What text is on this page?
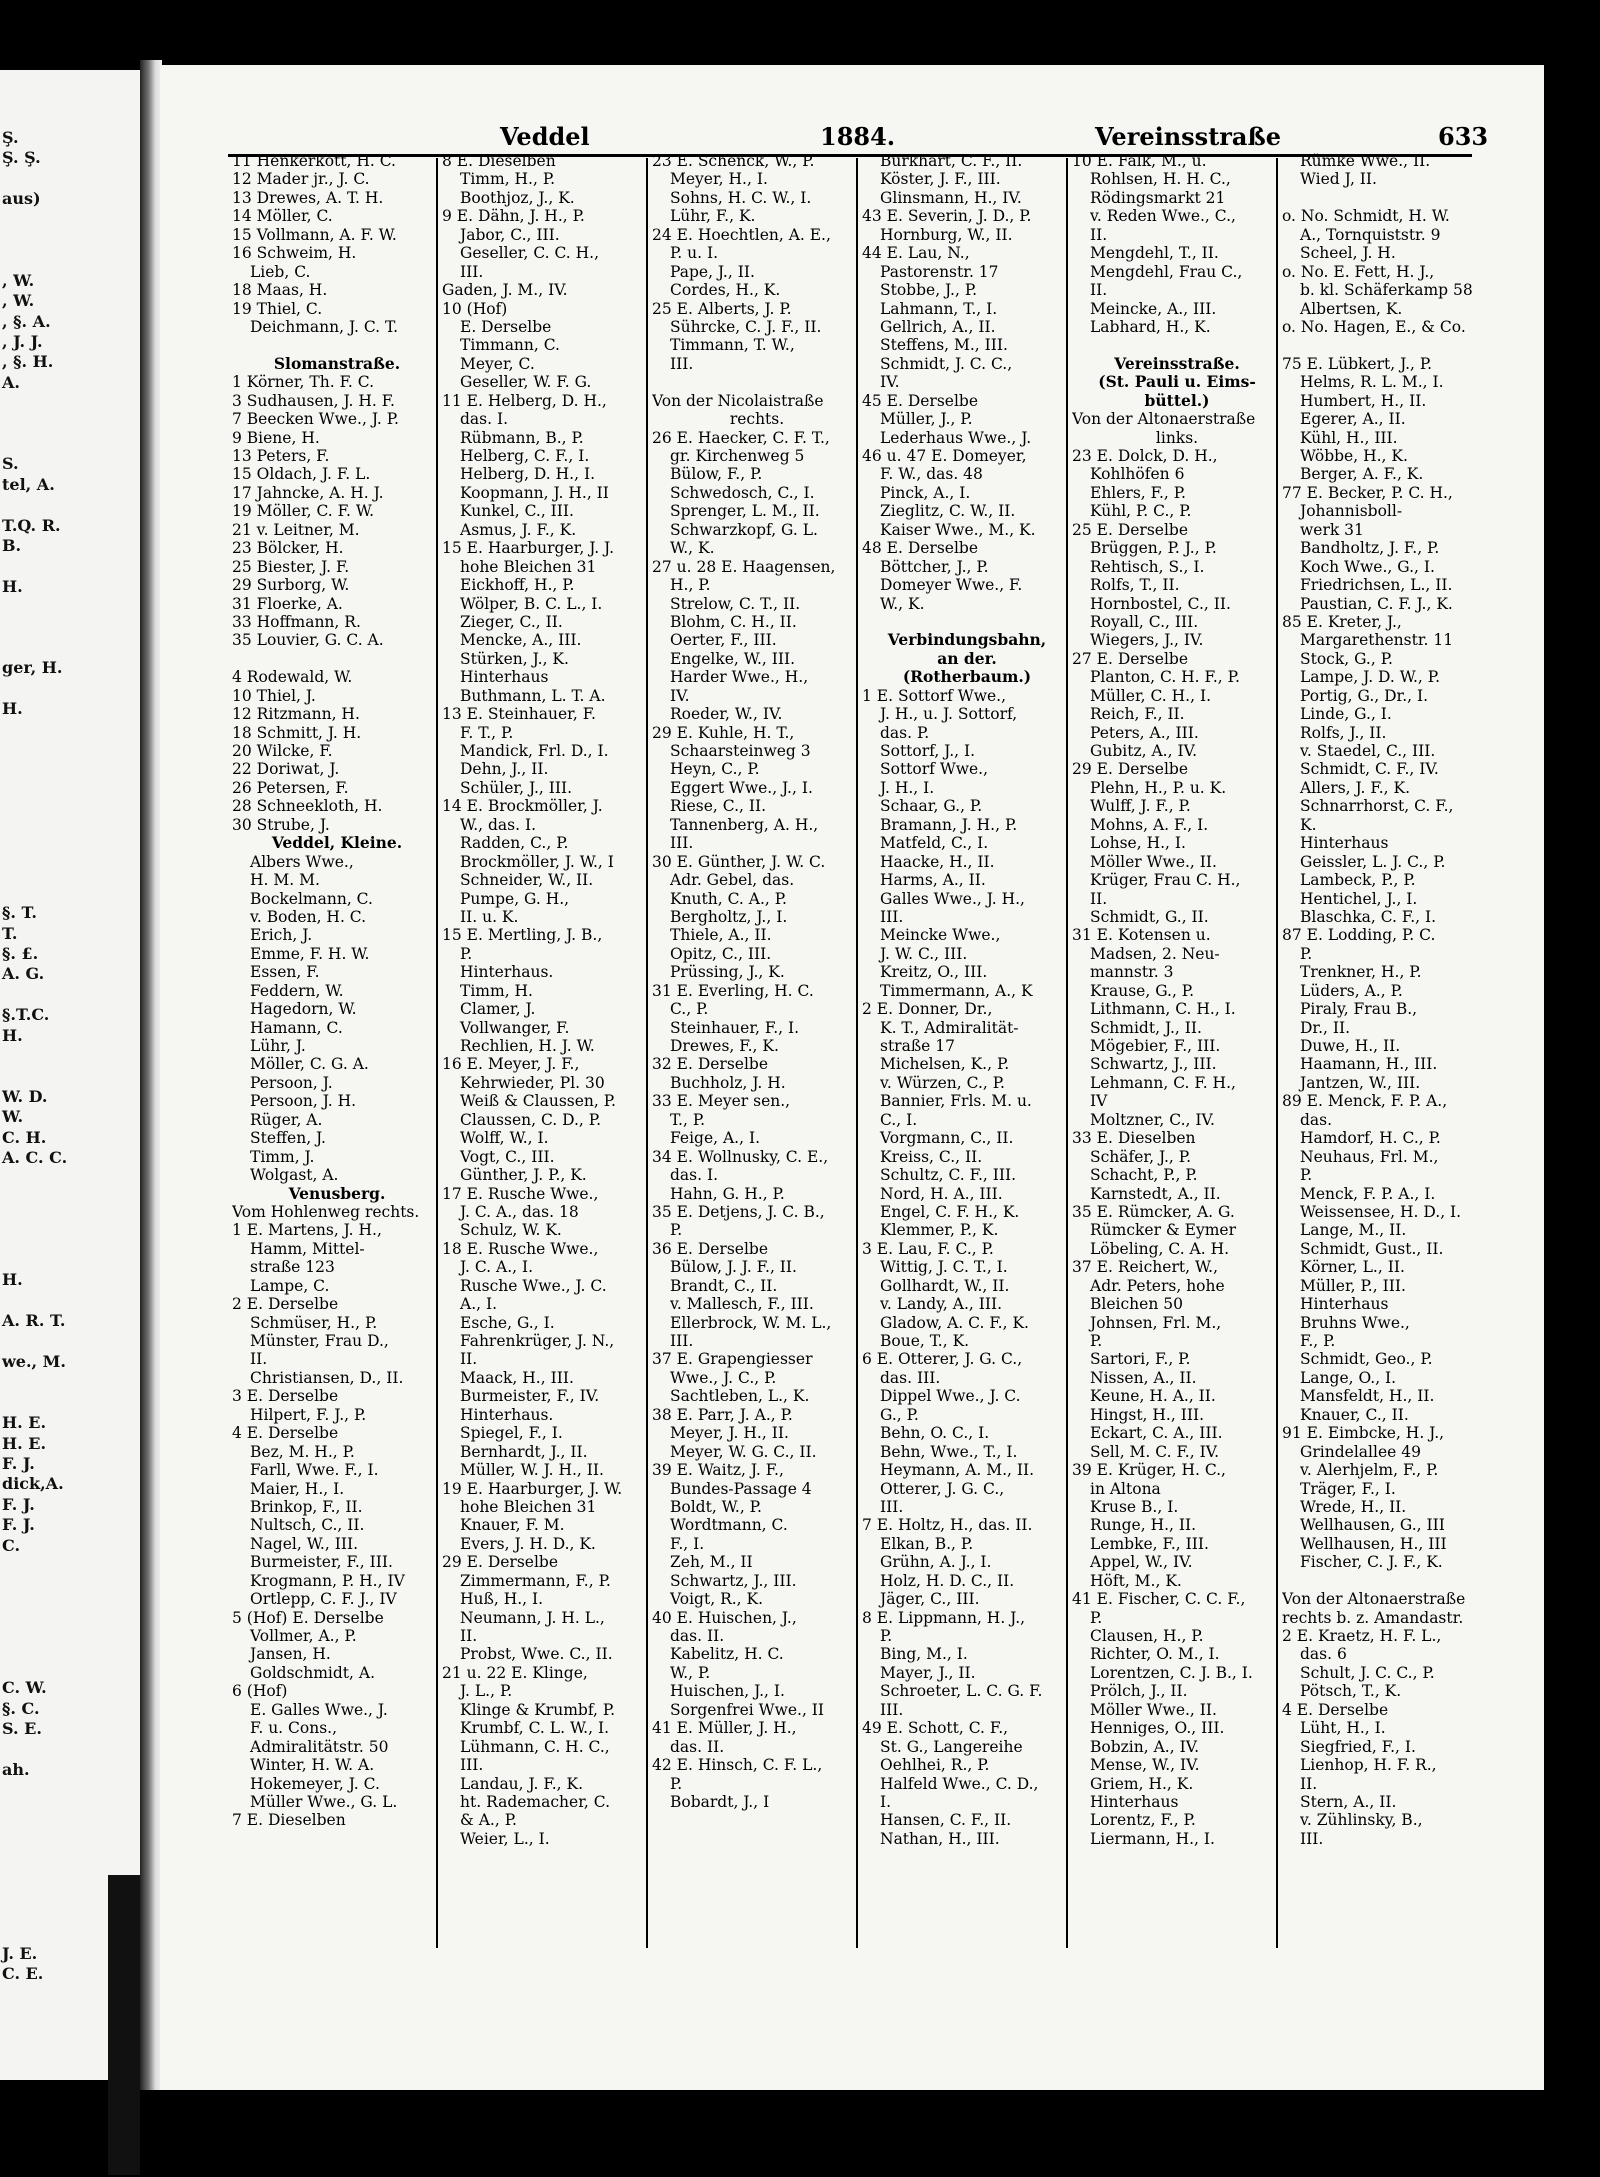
Ş.
Ş. Ş.
aus)
, W.
, W.
, §. A.
, J. J.
, §. H.
A.
S.
tel, A.
T.Q. R.
B.
H.
ger, H.
H.
§. T.
T.
§. £.
A. G.
§.T.C.
H.
W. D.
W.
C. H.
A. C. C.
H.
A. R. T.
we., M.
H. E.
H. E.
F. J.
dick,A.
F. J.
F. J.
C.
C. W.
§. C.
S. E.
ah.
J. E.
C. E.
Veddel	1884.	Vereinsstraße	633
11 Henkerkott, H. C.
12 Mader jr., J. C.
13 Drewes, A. T. H.
14 Möller, C.
15 Vollmann, A. F. W.
16 Schweim, H.
Lieb, C.
18 Maas, H.
19 Thiel, C.
Deichmann, J. C. T.
Slomanstraße.
1 Körner, Th. F. C.
3 Sudhausen, J. H. F.
7 Beecken Wwe., J. P.
9 Biene, H.
13 Peters, F.
15 Oldach, J. F. L.
17 Jahncke, A. H. J.
19 Möller, C. F. W.
21 v. Leitner, M.
23 Bölcker, H.
25 Biester, J. F.
29 Surborg, W.
31 Floerke, A.
33 Hoffmann, R.
35 Louvier, G. C. A.
4 Rodewald, W.
10 Thiel, J.
12 Ritzmann, H.
18 Schmitt, J. H.
20 Wilcke, F.
22 Doriwat, J.
26 Petersen, F.
28 Schneekloth, H.
30 Strube, J.
Veddel, Kleine.
Albers Wwe.,
H. M. M.
Bockelmann, C.
v. Boden, H. C.
Erich, J.
Emme, F. H. W.
Essen, F.
Feddern, W.
Hagedorn, W.
Hamann, C.
Lühr, J.
Möller, C. G. A.
Persoon, J.
Persoon, J. H.
Rüger, A.
Steffen, J.
Timm, J.
Wolgast, A.
Venusberg.
Vom Hohlenweg rechts.
1 E. Martens, J. H.,
Hamm, Mittel-
straße 123
Lampe, C.
2 E. Derselbe
Schmüser, H., P.
Münster, Frau D.,
II.
Christiansen, D., II.
3 E. Derselbe
Hilpert, F. J., P.
4 E. Derselbe
Bez, M. H., P.
Farll, Wwe. F., I.
Maier, H., I.
Brinkop, F., II.
Nultsch, C., II.
Nagel, W., III.
Burmeister, F., III.
Krogmann, P. H., IV
Ortlepp, C. F. J., IV
5 (Hof) E. Derselbe
Vollmer, A., P.
Jansen, H.
Goldschmidt, A.
6 (Hof)
E. Galles Wwe., J.
F. u. Cons.,
Admiralitätstr. 50
Winter, H. W. A.
Hokemeyer, J. C.
Müller Wwe., G. L.
7 E. Dieselben
8 E. Dieselben
Timm, H., P.
Boothjoz, J., K.
9 E. Dähn, J. H., P.
Jabor, C., III.
Geseller, C. C. H.,
III.
Gaden, J. M., IV.
10 (Hof)
E. Derselbe
Timmann, C.
Meyer, C.
Geseller, W. F. G.
11 E. Helberg, D. H.,
das. I.
Rübmann, B., P.
Helberg, C. F., I.
Helberg, D. H., I.
Koopmann, J. H., II
Kunkel, C., III.
Asmus, J. F., K.
15 E. Haarburger, J. J.
hohe Bleichen 31
Eickhoff, H., P.
Wölper, B. C. L., I.
Zieger, C., II.
Mencke, A., III.
Stürken, J., K.
Hinterhaus
Buthmann, L. T. A.
13 E. Steinhauer, F.
F. T., P.
Mandick, Frl. D., I.
Dehn, J., II.
Schüler, J., III.
14 E. Brockmöller, J.
W., das. I.
Radden, C., P.
Brockmöller, J. W., I
Schneider, W., II.
Pumpe, G. H.,
II. u. K.
15 E. Mertling, J. B.,
P.
Hinterhaus.
Timm, H.
Clamer, J.
Vollwanger, F.
Rechlien, H. J. W.
16 E. Meyer, J. F.,
Kehrwieder, Pl. 30
Weiß & Claussen, P.
Claussen, C. D., P.
Wolff, W., I.
Vogt, C., III.
Günther, J. P., K.
17 E. Rusche Wwe.,
J. C. A., das. 18
Schulz, W. K.
18 E. Rusche Wwe.,
J. C. A., I.
Rusche Wwe., J. C.
A., I.
Esche, G., I.
Fahrenkrüger, J. N.,
II.
Maack, H., III.
Burmeister, F., IV.
Hinterhaus.
Spiegel, F., I.
Bernhardt, J., II.
Müller, W. J. H., II.
19 E. Haarburger, J. W.
hohe Bleichen 31
Knauer, F. M.
Evers, J. H. D., K.
29 E. Derselbe
Zimmermann, F., P.
Huß, H., I.
Neumann, J. H. L.,
II.
Probst, Wwe. C., II.
21 u. 22 E. Klinge,
J. L., P.
Klinge & Krumbf, P.
Krumbf, C. L. W., I.
Lühmann, C. H. C.,
III.
Landau, J. F., K.
ht. Rademacher, C.
& A., P.
Weier, L., I.
23 E. Schenck, W., P.
Meyer, H., I.
Sohns, H. C. W., I.
Lühr, F., K.
24 E. Hoechtlen, A. E.,
P. u. I.
Pape, J., II.
Cordes, H., K.
25 E. Alberts, J. P.
Sührcke, C. J. F., II.
Timmann, T. W.,
III.
Von der Nicolaistraße
rechts.
26 E. Haecker, C. F. T.,
gr. Kirchenweg 5
Bülow, F., P.
Schwedosch, C., I.
Sprenger, L. M., II.
Schwarzkopf, G. L.
W., K.
27 u. 28 E. Haagensen,
H., P.
Strelow, C. T., II.
Blohm, C. H., II.
Oerter, F., III.
Engelke, W., III.
Harder Wwe., H.,
IV.
Roeder, W., IV.
29 E. Kuhle, H. T.,
Schaarsteinweg 3
Heyn, C., P.
Eggert Wwe., J., I.
Riese, C., II.
Tannenberg, A. H.,
III.
30 E. Günther, J. W. C.
Adr. Gebel, das.
Knuth, C. A., P.
Bergholtz, J., I.
Thiele, A., II.
Opitz, C., III.
Prüssing, J., K.
31 E. Everling, H. C.
C., P.
Steinhauer, F., I.
Drewes, F., K.
32 E. Derselbe
Buchholz, J. H.
33 E. Meyer sen.,
T., P.
Feige, A., I.
34 E. Wollnusky, C. E.,
das. I.
Hahn, G. H., P.
35 E. Detjens, J. C. B.,
P.
36 E. Derselbe
Bülow, J. J. F., II.
Brandt, C., II.
v. Mallesch, F., III.
Ellerbrock, W. M. L.,
III.
37 E. Grapengiesser
Wwe., J. C., P.
Sachtleben, L., K.
38 E. Parr, J. A., P.
Meyer, J. H., II.
Meyer, W. G. C., II.
39 E. Waitz, J. F.,
Bundes-Passage 4
Boldt, W., P.
Wordtmann, C.
F., I.
Zeh, M., II
Schwartz, J., III.
Voigt, R., K.
40 E. Huischen, J.,
das. II.
Kabelitz, H. C.
W., P.
Huischen, J., I.
Sorgenfrei Wwe., II
41 E. Müller, J. H.,
das. II.
42 E. Hinsch, C. F. L.,
P.
Bobardt, J., I
Burkhart, C. F., II.
Köster, J. F., III.
Glinsmann, H., IV.
43 E. Severin, J. D., P.
Hornburg, W., II.
44 E. Lau, N.,
Pastorenstr. 17
Stobbe, J., P.
Lahmann, T., I.
Gellrich, A., II.
Steffens, M., III.
Schmidt, J. C. C.,
IV.
45 E. Derselbe
Müller, J., P.
Lederhaus Wwe., J.
46 u. 47 E. Domeyer,
F. W., das. 48
Pinck, A., I.
Zieglitz, C. W., II.
Kaiser Wwe., M., K.
48 E. Derselbe
Böttcher, J., P.
Domeyer Wwe., F.
W., K.
Verbindungsbahn,
an der.
(Rotherbaum.)
1 E. Sottorf Wwe.,
J. H., u. J. Sottorf,
das. P.
Sottorf, J., I.
Sottorf Wwe.,
J. H., I.
Schaar, G., P.
Bramann, J. H., P.
Matfeld, C., I.
Haacke, H., II.
Harms, A., II.
Galles Wwe., J. H.,
III.
Meincke Wwe.,
J. W. C., III.
Kreitz, O., III.
Timmermann, A., K
2 E. Donner, Dr.,
K. T., Admiralität-
straße 17
Michelsen, K., P.
v. Würzen, C., P.
Bannier, Frls. M. u.
C., I.
Vorgmann, C., II.
Kreiss, C., II.
Schultz, C. F., III.
Nord, H. A., III.
Engel, C. F. H., K.
Klemmer, P., K.
3 E. Lau, F. C., P.
Wittig, J. C. T., I.
Gollhardt, W., II.
v. Landy, A., III.
Gladow, A. C. F., K.
Boue, T., K.
6 E. Otterer, J. G. C.,
das. III.
Dippel Wwe., J. C.
G., P.
Behn, O. C., I.
Behn, Wwe., T., I.
Heymann, A. M., II.
Otterer, J. G. C.,
III.
7 E. Holtz, H., das. II.
Elkan, B., P.
Grühn, A. J., I.
Holz, H. D. C., II.
Jäger, C., III.
8 E. Lippmann, H. J.,
P.
Bing, M., I.
Mayer, J., II.
Schroeter, L. C. G. F.
III.
49 E. Schott, C. F.,
St. G., Langereihe
Oehlhei, R., P.
Halfeld Wwe., C. D.,
I.
Hansen, C. F., II.
Nathan, H., III.
10 E. Falk, M., u.
Rohlsen, H. H. C.,
Rödingsmarkt 21
v. Reden Wwe., C.,
II.
Mengdehl, T., II.
Mengdehl, Frau C.,
II.
Meincke, A., III.
Labhard, H., K.
Vereinsstraße.
(St. Pauli u. Eims-
büttel.)
Von der Altonaerstraße
links.
23 E. Dolck, D. H.,
Kohlhöfen 6
Ehlers, F., P.
Kühl, P. C., P.
25 E. Derselbe
Brüggen, P. J., P.
Rehtisch, S., I.
Rolfs, T., II.
Hornbostel, C., II.
Royall, C., III.
Wiegers, J., IV.
27 E. Derselbe
Planton, C. H. F., P.
Müller, C. H., I.
Reich, F., II.
Peters, A., III.
Gubitz, A., IV.
29 E. Derselbe
Plehn, H., P. u. K.
Wulff, J. F., P.
Mohns, A. F., I.
Lohse, H., I.
Möller Wwe., II.
Krüger, Frau C. H.,
II.
Schmidt, G., II.
31 E. Kotensen u.
Madsen, 2. Neu-
mannstr. 3
Krause, G., P.
Lithmann, C. H., I.
Schmidt, J., II.
Mögebier, F., III.
Schwartz, J., III.
Lehmann, C. F. H.,
IV
Moltzner, C., IV.
33 E. Dieselben
Schäfer, J., P.
Schacht, P., P.
Karnstedt, A., II.
35 E. Rümcker, A. G.
Rümcker & Eymer
Löbeling, C. A. H.
37 E. Reichert, W.,
Adr. Peters, hohe
Bleichen 50
Johnsen, Frl. M.,
P.
Sartori, F., P.
Nissen, A., II.
Keune, H. A., II.
Hingst, H., III.
Eckart, C. A., III.
Sell, M. C. F., IV.
39 E. Krüger, H. C.,
in Altona
Kruse B., I.
Runge, H., II.
Lembke, F., III.
Appel, W., IV.
Höft, M., K.
41 E. Fischer, C. C. F.,
P.
Clausen, H., P.
Richter, O. M., I.
Lorentzen, C. J. B., I.
Prölch, J., II.
Möller Wwe., II.
Henniges, O., III.
Bobzin, A., IV.
Mense, W., IV.
Griem, H., K.
Hinterhaus
Lorentz, F., P.
Liermann, H., I.
Rümke Wwe., II.
Wied J, II.
o. No. Schmidt, H. W.
A., Tornquiststr. 9
Scheel, J. H.
o. No. E. Fett, H. J.,
b. kl. Schäferkamp 58
Albertsen, K.
o. No. Hagen, E., & Co.
75 E. Lübkert, J., P.
Helms, R. L. M., I.
Humbert, H., II.
Egerer, A., II.
Kühl, H., III.
Wöbbe, H., K.
Berger, A. F., K.
77 E. Becker, P. C. H.,
Johannisboll-
werk 31
Bandholtz, J. F., P.
Koch Wwe., G., I.
Friedrichsen, L., II.
Paustian, C. F. J., K.
85 E. Kreter, J.,
Margarethenstr. 11
Stock, G., P.
Lampe, J. D. W., P.
Portig, G., Dr., I.
Linde, G., I.
Rolfs, J., II.
v. Staedel, C., III.
Schmidt, C. F., IV.
Allers, J. F., K.
Schnarrhorst, C. F.,
K.
Hinterhaus
Geissler, L. J. C., P.
Lambeck, P., P.
Hentichel, J., I.
Blaschka, C. F., I.
87 E. Lodding, P. C.
P.
Trenkner, H., P.
Lüders, A., P.
Piraly, Frau B.,
Dr., II.
Duwe, H., II.
Haamann, H., III.
Jantzen, W., III.
89 E. Menck, F. P. A.,
das.
Hamdorf, H. C., P.
Neuhaus, Frl. M.,
P.
Menck, F. P. A., I.
Weissensee, H. D., I.
Lange, M., II.
Schmidt, Gust., II.
Körner, L., II.
Müller, P., III.
Hinterhaus
Bruhns Wwe.,
F., P.
Schmidt, Geo., P.
Lange, O., I.
Mansfeldt, H., II.
Knauer, C., II.
91 E. Eimbcke, H. J.,
Grindelallee 49
v. Alerhjelm, F., P.
Träger, F., I.
Wrede, H., II.
Wellhausen, G., III
Wellhausen, H., III
Fischer, C. J. F., K.
Von der Altonaerstraße
rechts b. z. Amandastr.
2 E. Kraetz, H. F. L.,
das. 6
Schult, J. C. C., P.
Pötsch, T., K.
4 E. Derselbe
Lüht, H., I.
Siegfried, F., I.
Lienhop, H. F. R.,
II.
Stern, A., II.
v. Zühlinsky, B.,
III.
